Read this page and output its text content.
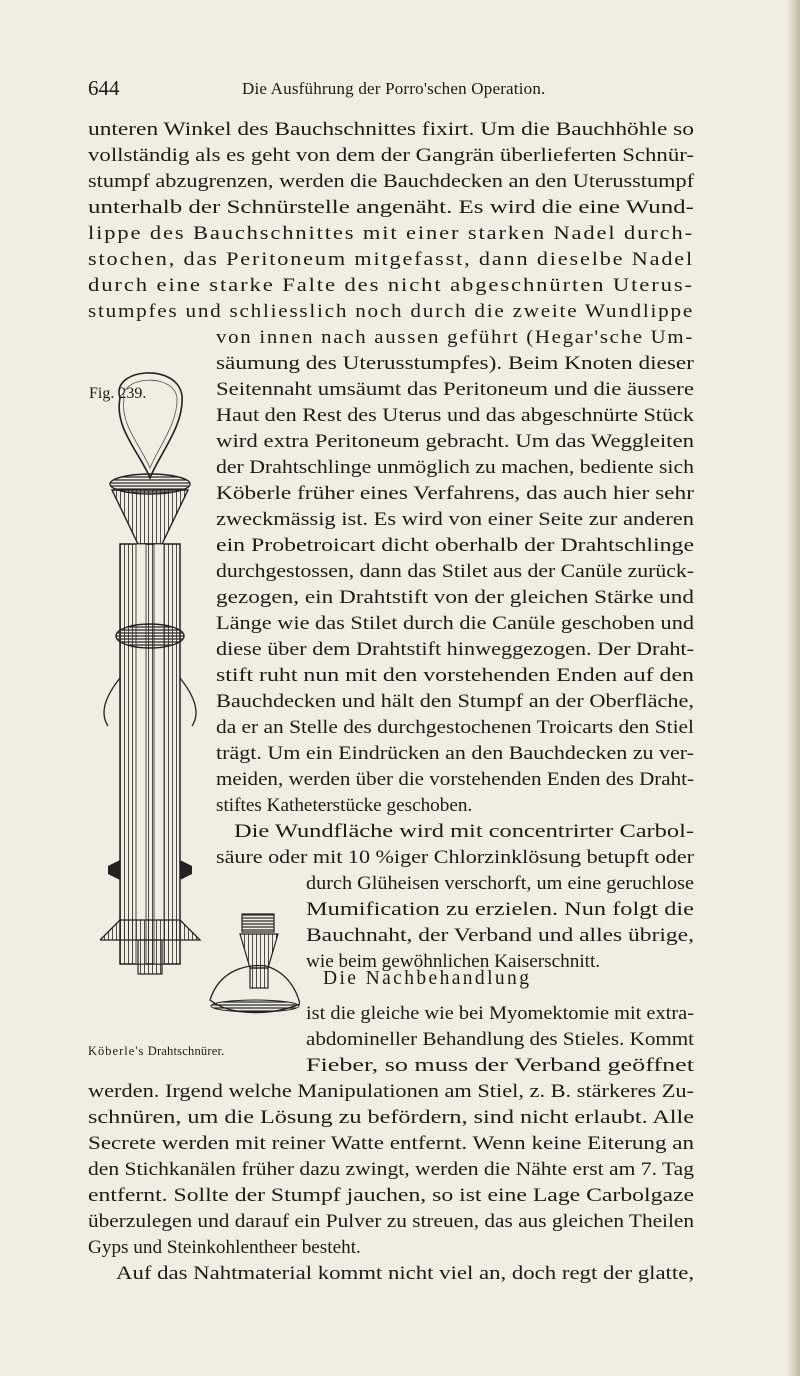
644	Die Ausführung der Porro'schen Operation.
unteren Winkel des Bauchschnittes fixirt. Um die Bauchhöhle so
vollständig als es geht von dem der Gangrän überlieferten Schnür-
stumpf abzugrenzen, werden die Bauchdecken an den Uterusstumpf
unterhalb der Schnürstelle angenäht. Es wird die eine Wund-
lippe des Bauchschnittes mit einer starken Nadel durch-
stochen, das Peritoneum mitgefasst, dann dieselbe Nadel
durch eine starke Falte des nicht abgeschnürten Uterus-
stumpfes und schliesslich noch durch die zweite Wundlippe
von innen nach aussen geführt (Hegar'sche Um-
säumung des Uterusstumpfes). Beim Knoten dieser
Seitennaht umsäumt das Peritoneum und die äussere
Haut den Rest des Uterus und das abgeschnürte Stück
wird extra Peritoneum gebracht. Um das Weggleiten
der Drahtschlinge unmöglich zu machen, bediente sich
Köberle früher eines Verfahrens, das auch hier sehr
zweckmässig ist. Es wird von einer Seite zur anderen
ein Probetroicart dicht oberhalb der Drahtschlinge
durchgestossen, dann das Stilet aus der Canüle zurück-
gezogen, ein Drahtstift von der gleichen Stärke und
Länge wie das Stilet durch die Canüle geschoben und
diese über dem Drahtstift hinweggezogen. Der Draht-
stift ruht nun mit den vorstehenden Enden auf den
Bauchdecken und hält den Stumpf an der Oberfläche,
da er an Stelle des durchgestochenen Troicarts den Stiel
trägt. Um ein Eindrücken an den Bauchdecken zu ver-
meiden, werden über die vorstehenden Enden des Draht-
stiftes Katheterstücke geschoben.
Die Wundfläche wird mit concentrirter Carbol-
säure oder mit 10 %iger Chlorzinklösung betupft oder
durch Glüheisen verschorft, um eine geruchlose
Mumification zu erzielen. Nun folgt die
Bauchnaht, der Verband und alles übrige,
wie beim gewöhnlichen Kaiserschnitt.
Die Nachbehandlung
ist die gleiche wie bei Myomektomie mit extra-
abdomineller Behandlung des Stieles. Kommt
Fieber, so muss der Verband geöffnet
werden. Irgend welche Manipulationen am Stiel, z. B. stärkeres Zu-
schnüren, um die Lösung zu befördern, sind nicht erlaubt. Alle
Secrete werden mit reiner Watte entfernt. Wenn keine Eiterung an
den Stichkanälen früher dazu zwingt, werden die Nähte erst am 7. Tag
entfernt. Sollte der Stumpf jauchen, so ist eine Lage Carbolgaze
überzulegen und darauf ein Pulver zu streuen, das aus gleichen Theilen
Gyps und Steinkohlentheer besteht.
Auf das Nahtmaterial kommt nicht viel an, doch regt der glatte,
Fig. 239.
Köberle's Drahtschnürer.
